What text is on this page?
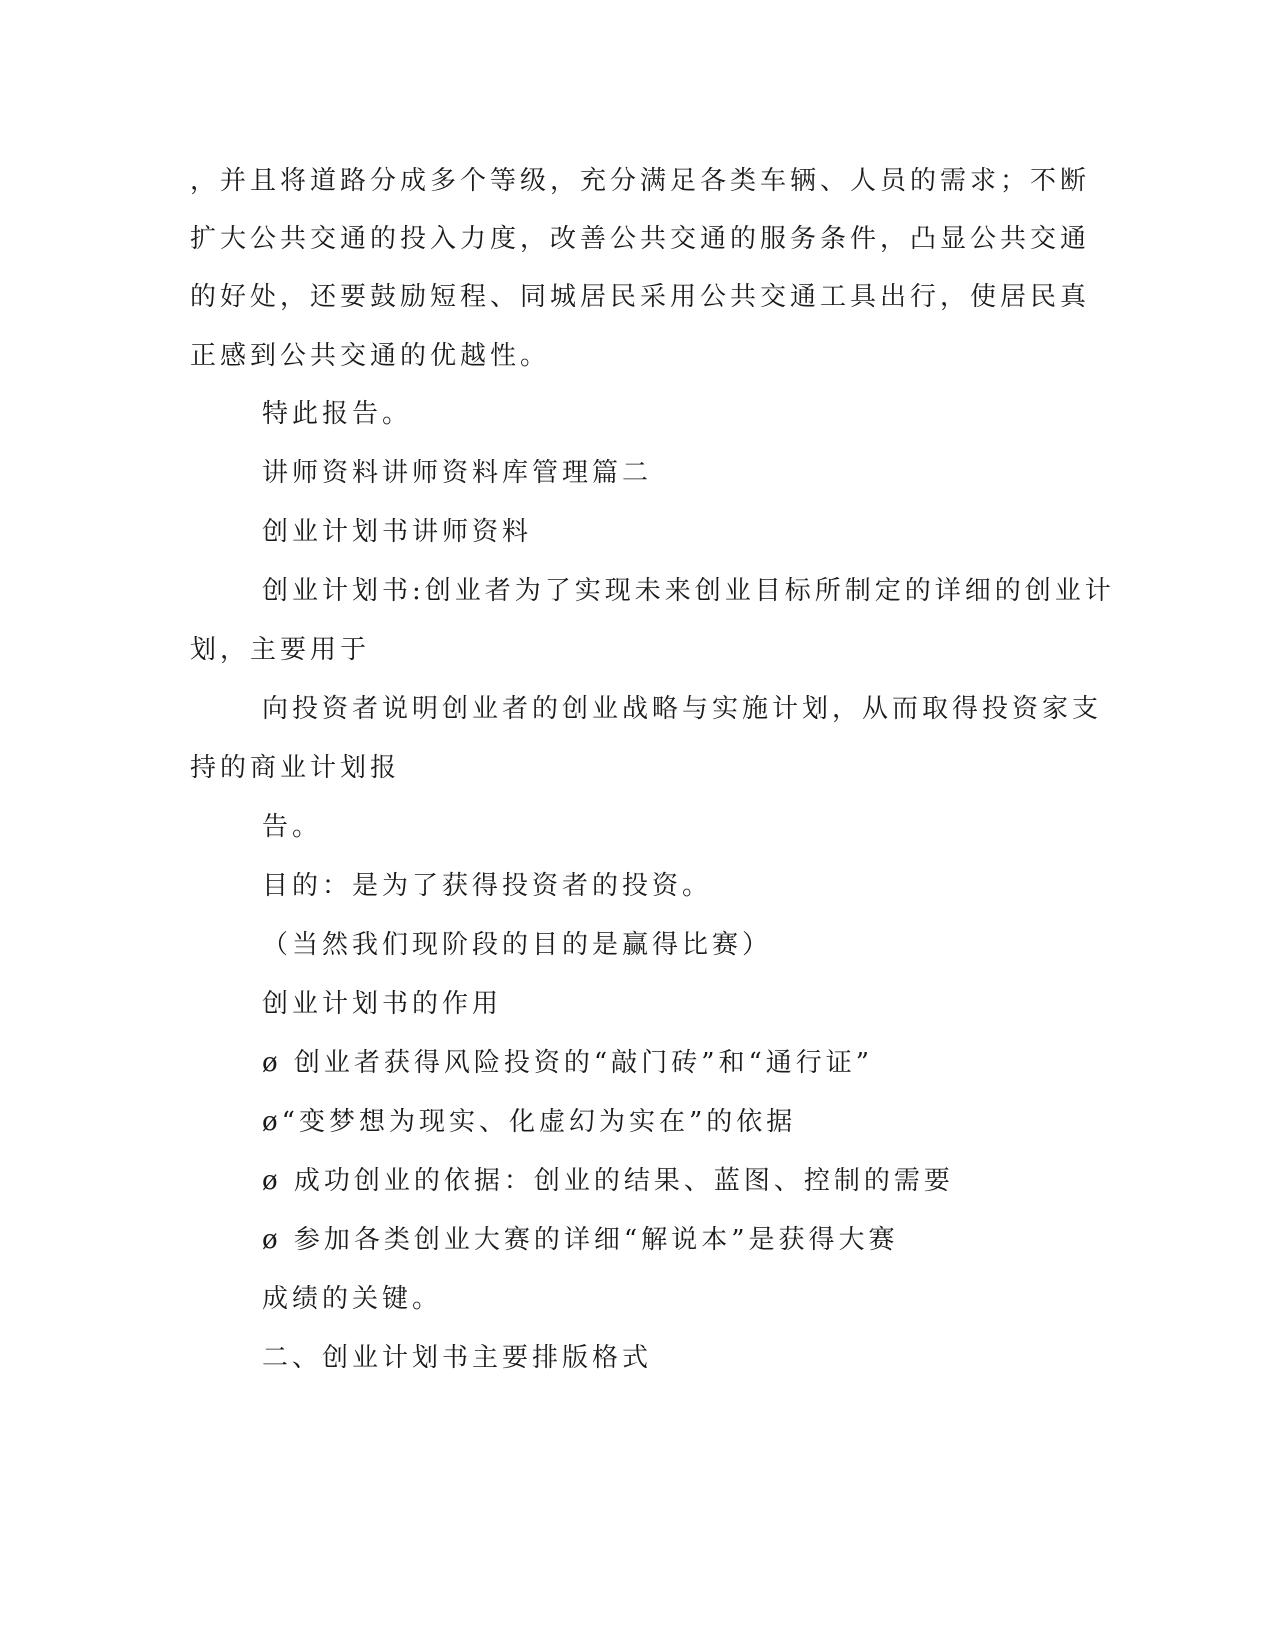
，并且将道路分成多个等级，充分满足各类车辆、人员的需求；不断
扩大公共交通的投入力度，改善公共交通的服务条件，凸显公共交通
的好处，还要鼓励短程、同城居民采用公共交通工具出行，使居民真
正感到公共交通的优越性。
特此报告。
讲师资料讲师资料库管理篇二
创业计划书讲师资料
创业计划书:创业者为了实现未来创业目标所制定的详细的创业计
划，主要用于
向投资者说明创业者的创业战略与实施计划，从而取得投资家支
持的商业计划报
告。
目的：是为了获得投资者的投资。
（当然我们现阶段的目的是赢得比赛）
创业计划书的作用
ø 创业者获得风险投资的“敲门砖”和“通行证”
ø“变梦想为现实、化虚幻为实在”的依据
ø 成功创业的依据：创业的结果、蓝图、控制的需要
ø 参加各类创业大赛的详细“解说本”是获得大赛
成绩的关键。
二、创业计划书主要排版格式
